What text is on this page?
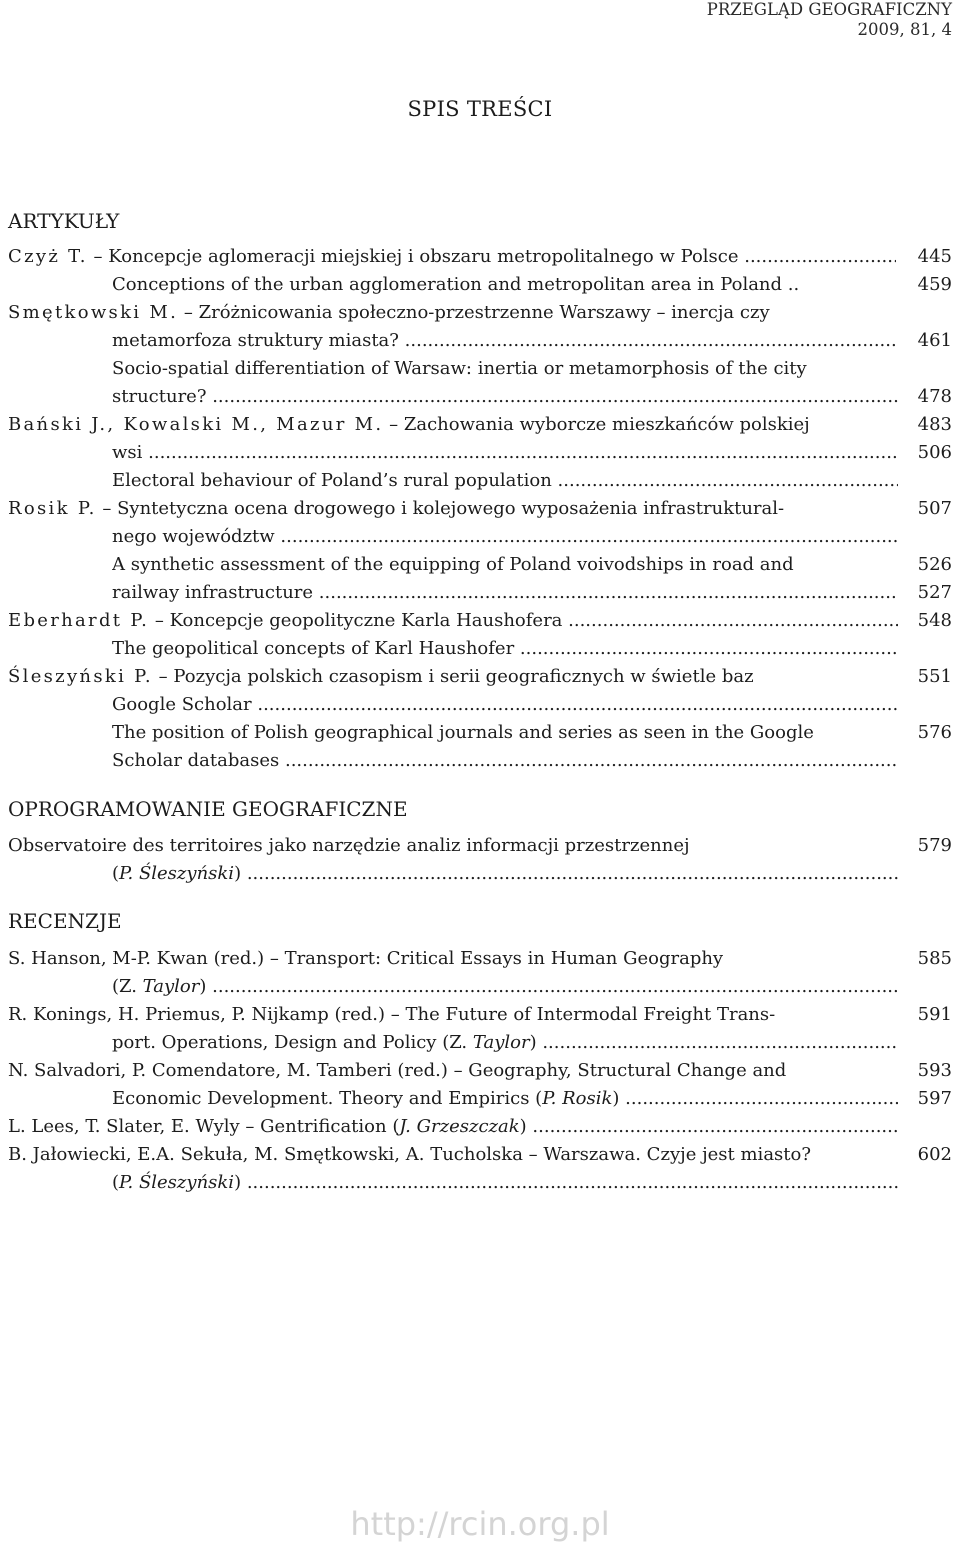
PRZEGLĄD GEOGRAFICZNY
2009, 81, 4
SPIS TREŚCI
ARTYKUŁY
Czyż T. – Koncepcje aglomeracji miejskiej i obszaru metropolitalnego w Polsce .....	445
Conceptions of the urban agglomeration and metropolitan area in Poland ..	459
Smętkowski M. – Zróżnicowania społeczno-przestrzenne Warszawy – inercja czy
metamorfoza struktury miasta? .....	461
Socio-spatial differentiation of Warsaw: inertia or metamorphosis of the city
structure? .....	478
Bański J., Kowalski M., Mazur M. – Zachowania wyborcze mieszkańców polskiej	483
wsi .....	506
Electoral behaviour of Poland’s rural population .....
Rosik P. – Syntetyczna ocena drogowego i kolejowego wyposażenia infrastruktural-	507
nego województw .....
A synthetic assessment of the equipping of Poland voivodships in road and	526
railway infrastructure .....	527
Eberhardt P. – Koncepcje geopolityczne Karla Haushofera .....	548
The geopolitical concepts of Karl Haushofer .....
Śleszyński P. – Pozycja polskich czasopism i serii geograficznych w świetle baz	551
Google Scholar .....
The position of Polish geographical journals and series as seen in the Google	576
Scholar databases .....
OPROGRAMOWANIE GEOGRAFICZNE
Observatoire des territoires jako narzędzie analiz informacji przestrzennej	579
(P. Śleszyński) .....
RECENZJE
S. Hanson, M-P. Kwan (red.) – Transport: Critical Essays in Human Geography	585
(Z. Taylor) .....
R. Konings, H. Priemus, P. Nijkamp (red.) – The Future of Intermodal Freight Trans-	591
port. Operations, Design and Policy (Z. Taylor) .....
N. Salvadori, P. Comendatore, M. Tamberi (red.) – Geography, Structural Change and	593
Economic Development. Theory and Empirics (P. Rosik) .....	597
L. Lees, T. Slater, E. Wyly – Gentrification (J. Grzeszczak) .....
B. Jałowiecki, E.A. Sekuła, M. Smętkowski, A. Tucholska – Warszawa. Czyje jest miasto?	602
(P. Śleszyński) .....
http://rcin.org.pl
